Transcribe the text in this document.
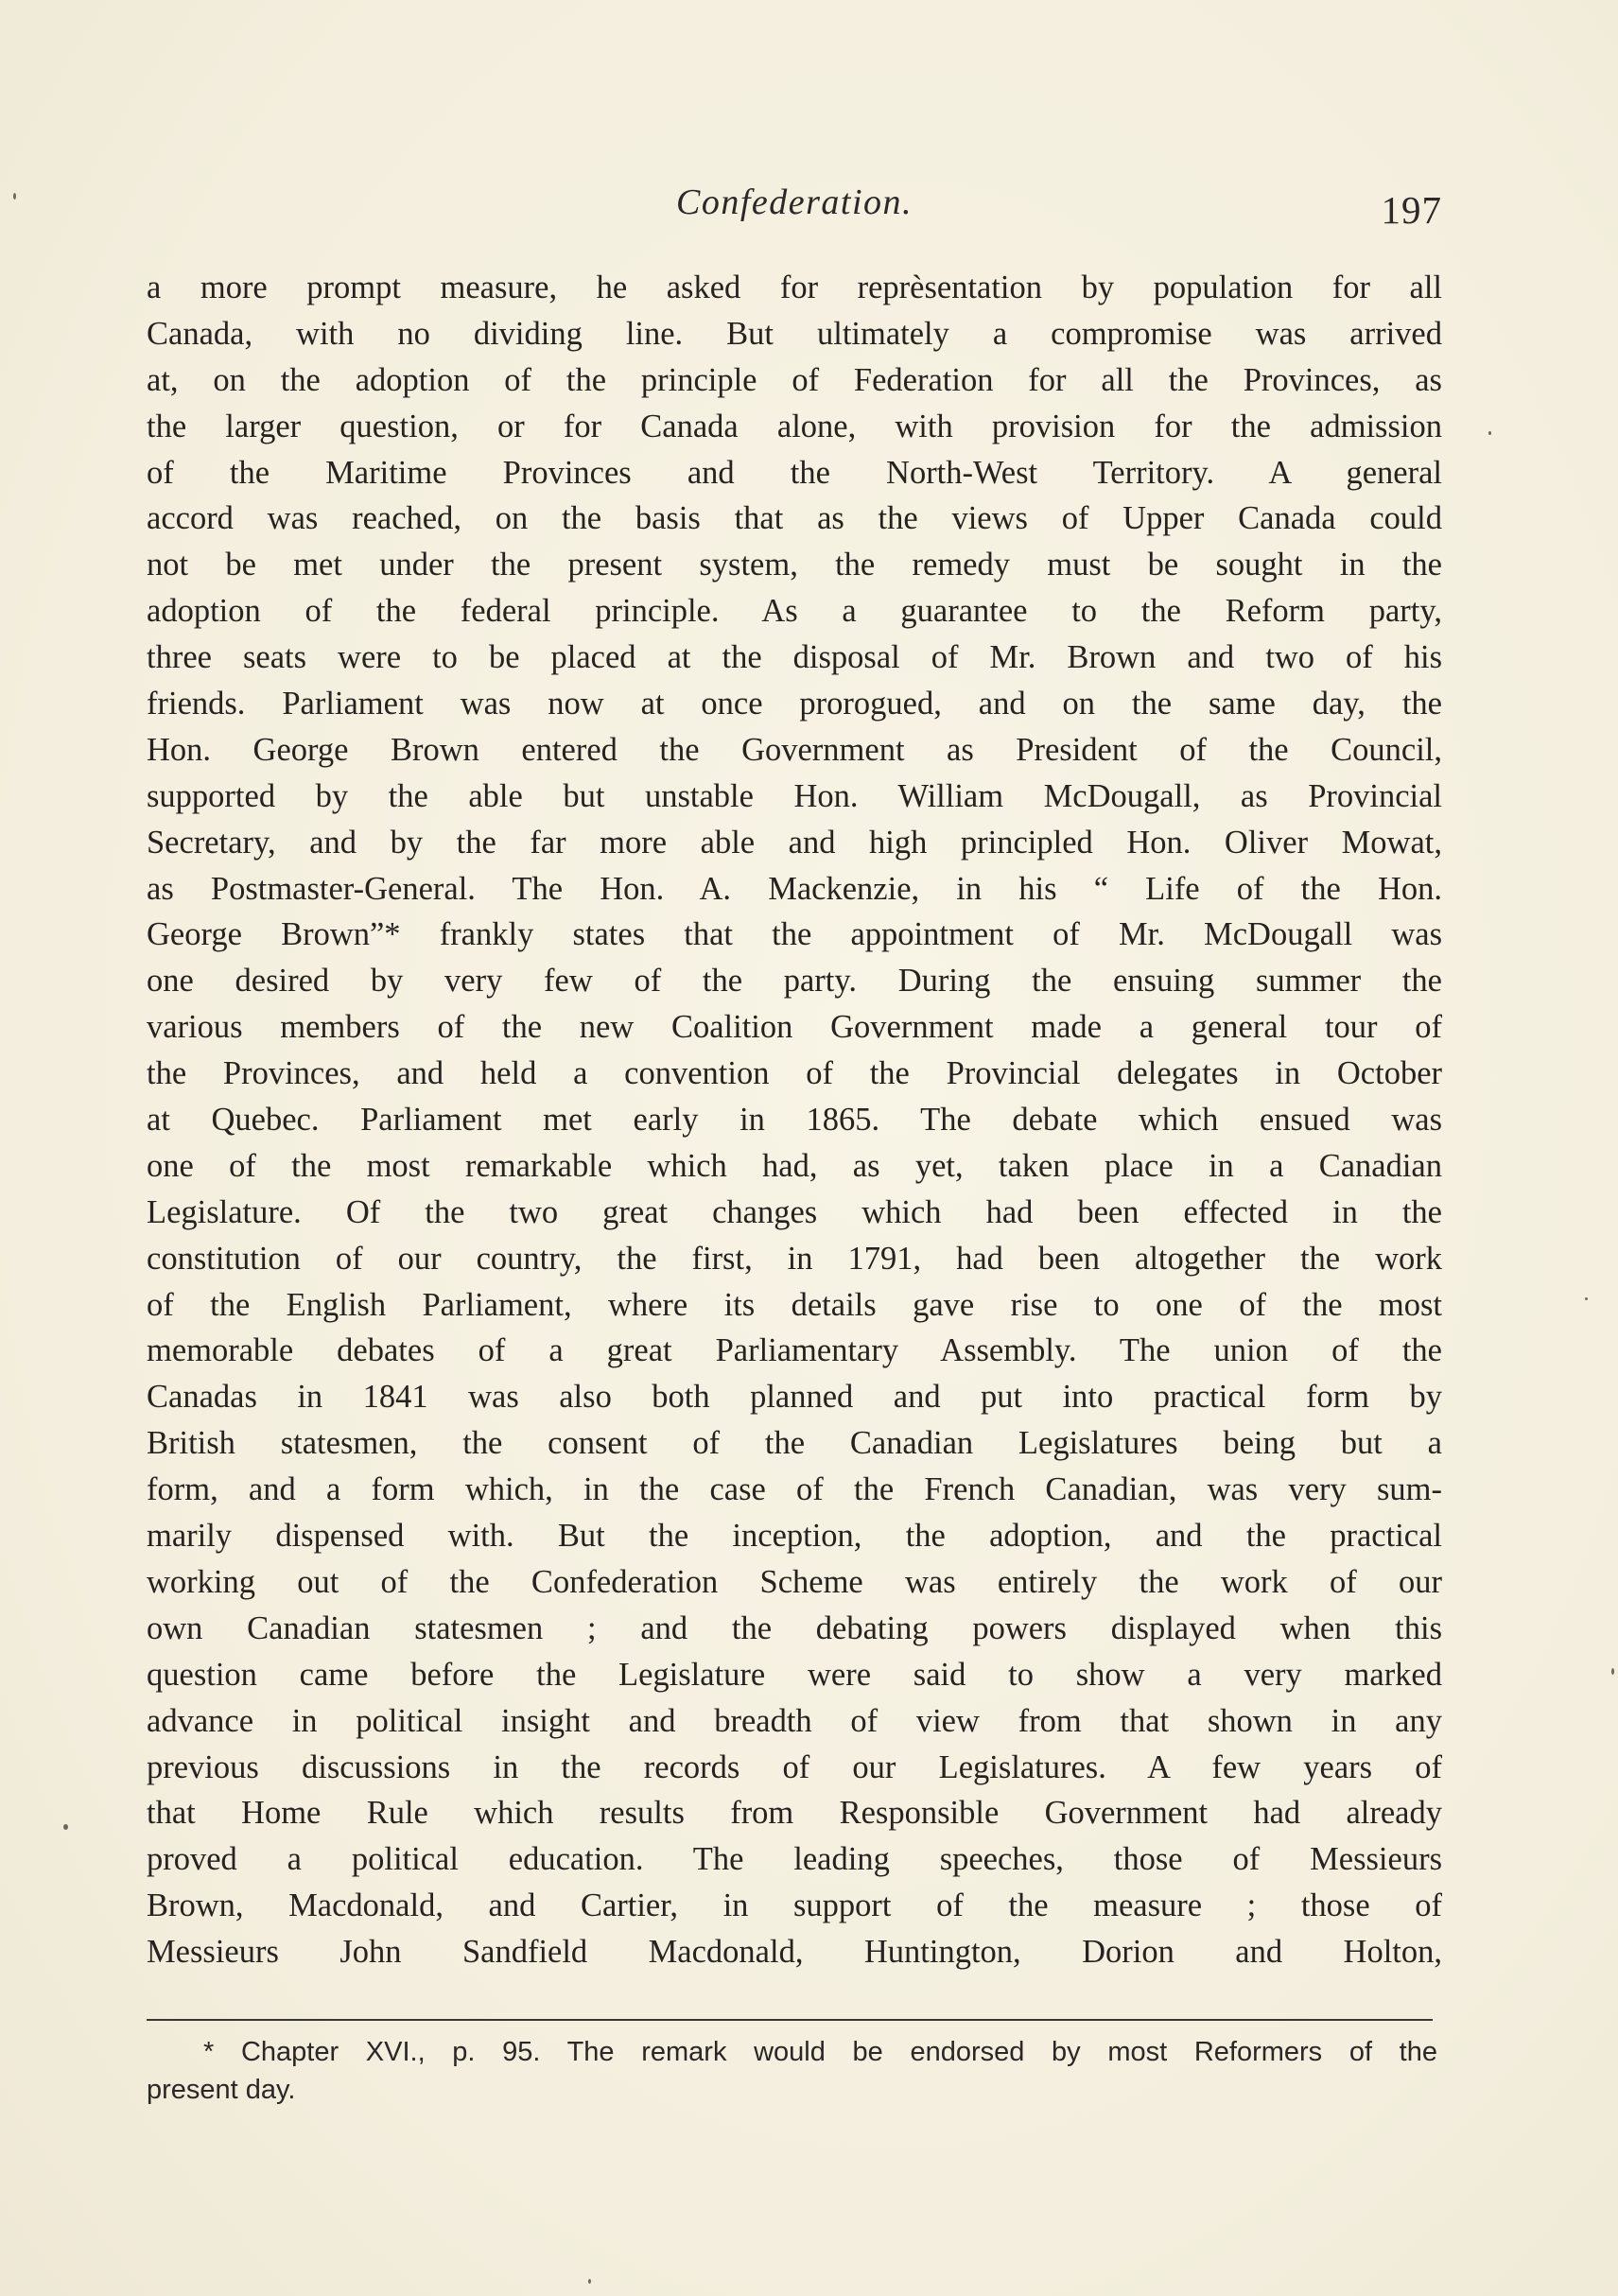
Confederation.	197
a more prompt measure, he asked for reprèsentation by population for all
Canada, with no dividing line. But ultimately a compromise was arrived
at, on the adoption of the principle of Federation for all the Provinces, as
the larger question, or for Canada alone, with provision for the admission
of the Maritime Provinces and the North-West Territory. A general
accord was reached, on the basis that as the views of Upper Canada could
not be met under the present system, the remedy must be sought in the
adoption of the federal principle. As a guarantee to the Reform party,
three seats were to be placed at the disposal of Mr. Brown and two of his
friends. Parliament was now at once prorogued, and on the same day, the
Hon. George Brown entered the Government as President of the Council,
supported by the able but unstable Hon. William McDougall, as Provincial
Secretary, and by the far more able and high principled Hon. Oliver Mowat,
as Postmaster-General. The Hon. A. Mackenzie, in his “ Life of the Hon.
George Brown”* frankly states that the appointment of Mr. McDougall was
one desired by very few of the party. During the ensuing summer the
various members of the new Coalition Government made a general tour of
the Provinces, and held a convention of the Provincial delegates in October
at Quebec. Parliament met early in 1865. The debate which ensued was
one of the most remarkable which had, as yet, taken place in a Canadian
Legislature. Of the two great changes which had been effected in the
constitution of our country, the first, in 1791, had been altogether the work
of the English Parliament, where its details gave rise to one of the most
memorable debates of a great Parliamentary Assembly. The union of the
Canadas in 1841 was also both planned and put into practical form by
British statesmen, the consent of the Canadian Legislatures being but a
form, and a form which, in the case of the French Canadian, was very sum-
marily dispensed with. But the inception, the adoption, and the practical
working out of the Confederation Scheme was entirely the work of our
own Canadian statesmen ; and the debating powers displayed when this
question came before the Legislature were said to show a very marked
advance in political insight and breadth of view from that shown in any
previous discussions in the records of our Legislatures. A few years of
that Home Rule which results from Responsible Government had already
proved a political education. The leading speeches, those of Messieurs
Brown, Macdonald, and Cartier, in support of the measure ; those of
Messieurs John Sandfield Macdonald, Huntington, Dorion and Holton,
* Chapter XVI., p. 95. The remark would be endorsed by most Reformers of the
present day.
